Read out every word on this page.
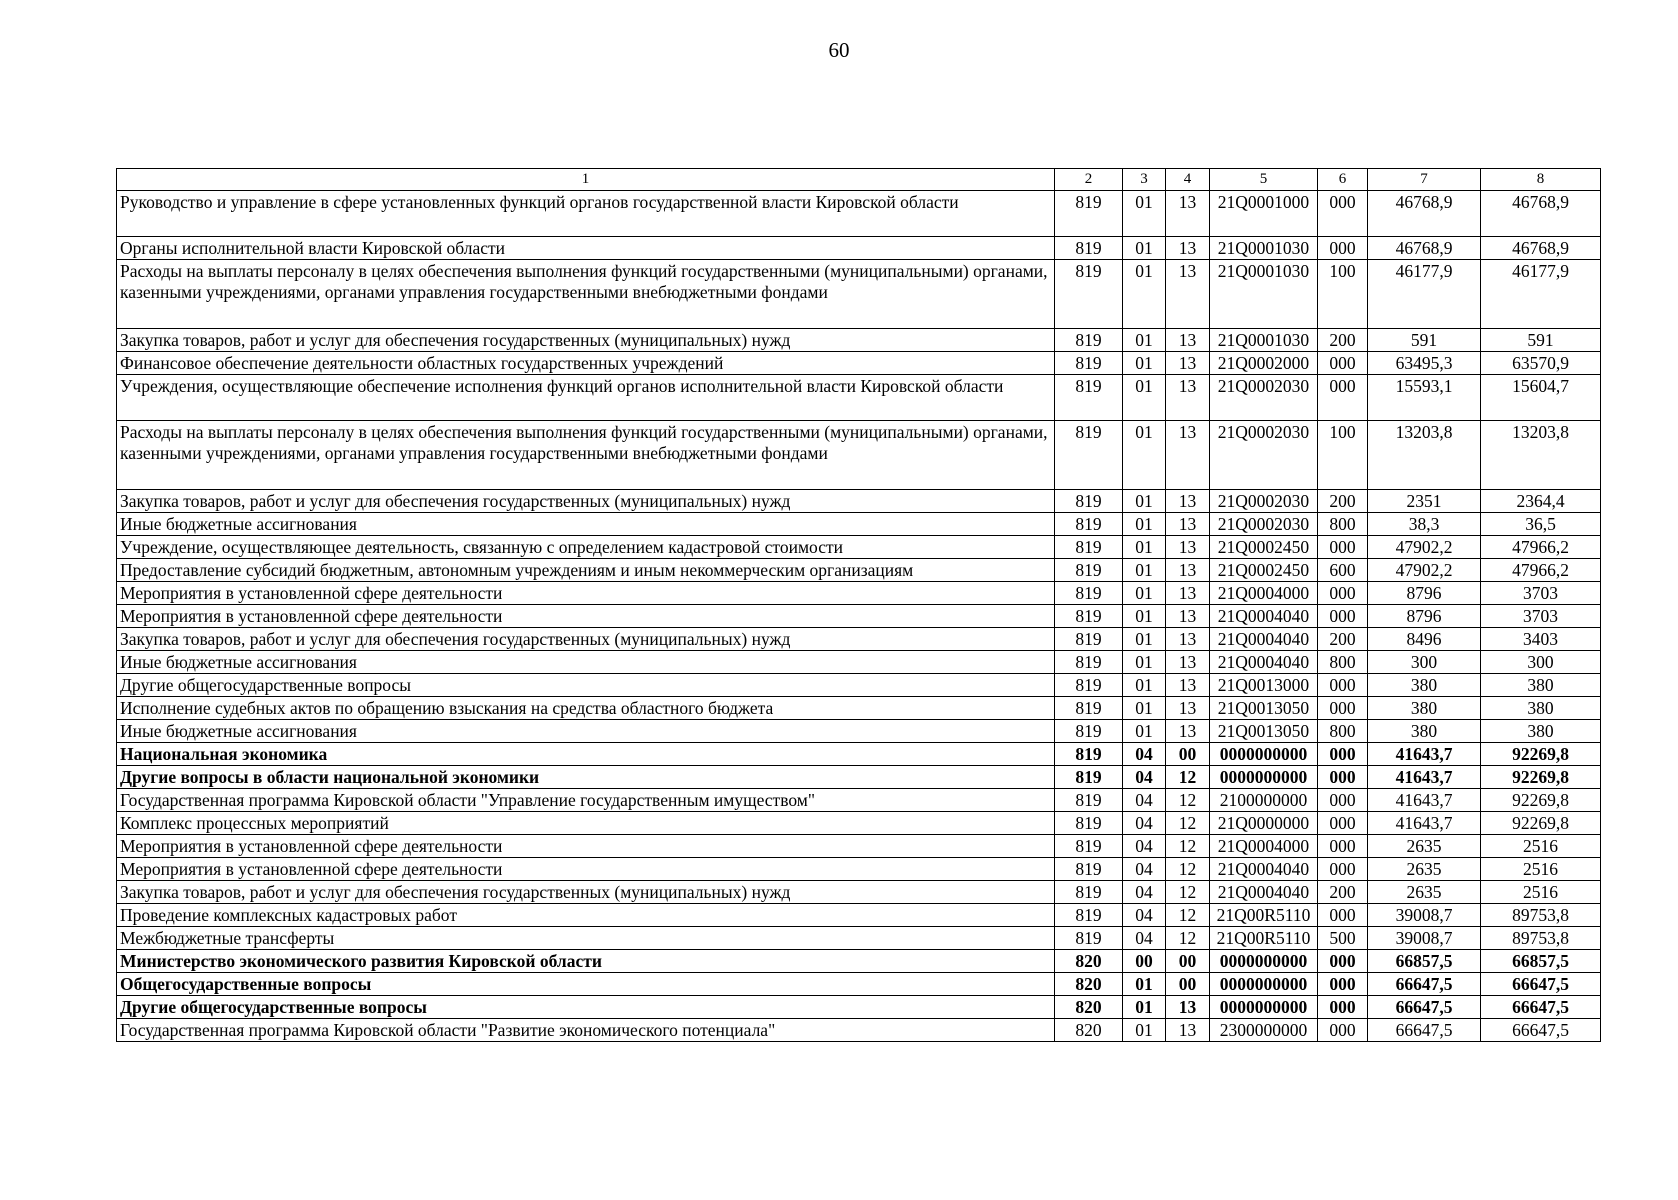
60
1	2	3	4	5	6	7	8
Руководство и управление в сфере установленных функций органов государственной власти Кировской области	819	01	13	21Q0001000	000	46768,9	46768,9
Органы исполнительной власти Кировской области	819	01	13	21Q0001030	000	46768,9	46768,9
Расходы на выплаты персоналу в целях обеспечения выполнения функций государственными (муниципальными) органами, казенными учреждениями, органами управления государственными внебюджетными фондами	819	01	13	21Q0001030	100	46177,9	46177,9
Закупка товаров, работ и услуг для обеспечения государственных (муниципальных) нужд	819	01	13	21Q0001030	200	591	591
Финансовое обеспечение деятельности областных государственных учреждений	819	01	13	21Q0002000	000	63495,3	63570,9
Учреждения, осуществляющие обеспечение исполнения функций органов исполнительной власти Кировской области	819	01	13	21Q0002030	000	15593,1	15604,7
Расходы на выплаты персоналу в целях обеспечения выполнения функций государственными (муниципальными) органами, казенными учреждениями, органами управления государственными внебюджетными фондами	819	01	13	21Q0002030	100	13203,8	13203,8
Закупка товаров, работ и услуг для обеспечения государственных (муниципальных) нужд	819	01	13	21Q0002030	200	2351	2364,4
Иные бюджетные ассигнования	819	01	13	21Q0002030	800	38,3	36,5
Учреждение, осуществляющее деятельность, связанную с определением кадастровой стоимости	819	01	13	21Q0002450	000	47902,2	47966,2
Предоставление субсидий бюджетным, автономным учреждениям и иным некоммерческим организациям	819	01	13	21Q0002450	600	47902,2	47966,2
Мероприятия в установленной сфере деятельности	819	01	13	21Q0004000	000	8796	3703
Мероприятия в установленной сфере деятельности	819	01	13	21Q0004040	000	8796	3703
Закупка товаров, работ и услуг для обеспечения государственных (муниципальных) нужд	819	01	13	21Q0004040	200	8496	3403
Иные бюджетные ассигнования	819	01	13	21Q0004040	800	300	300
Другие общегосударственные вопросы	819	01	13	21Q0013000	000	380	380
Исполнение судебных актов по обращению взыскания на средства областного бюджета	819	01	13	21Q0013050	000	380	380
Иные бюджетные ассигнования	819	01	13	21Q0013050	800	380	380
Национальная экономика	819	04	00	0000000000	000	41643,7	92269,8
Другие вопросы в области национальной экономики	819	04	12	0000000000	000	41643,7	92269,8
Государственная программа Кировской области "Управление государственным имуществом"	819	04	12	2100000000	000	41643,7	92269,8
Комплекс процессных мероприятий	819	04	12	21Q0000000	000	41643,7	92269,8
Мероприятия в установленной сфере деятельности	819	04	12	21Q0004000	000	2635	2516
Мероприятия в установленной сфере деятельности	819	04	12	21Q0004040	000	2635	2516
Закупка товаров, работ и услуг для обеспечения государственных (муниципальных) нужд	819	04	12	21Q0004040	200	2635	2516
Проведение комплексных кадастровых работ	819	04	12	21Q00R5110	000	39008,7	89753,8
Межбюджетные трансферты	819	04	12	21Q00R5110	500	39008,7	89753,8
Министерство экономического развития Кировской области	820	00	00	0000000000	000	66857,5	66857,5
Общегосударственные вопросы	820	01	00	0000000000	000	66647,5	66647,5
Другие общегосударственные вопросы	820	01	13	0000000000	000	66647,5	66647,5
Государственная программа Кировской области "Развитие экономического потенциала"	820	01	13	2300000000	000	66647,5	66647,5
